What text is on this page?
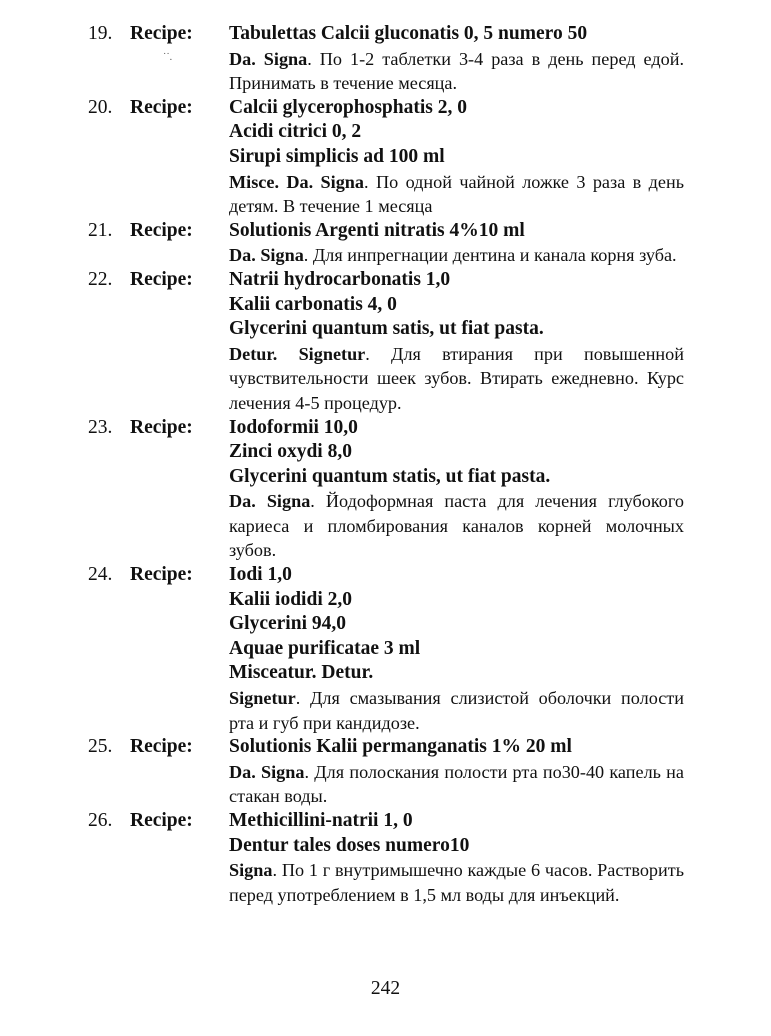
˙˙.
19. Recipe: Tabulettas Calcii gluconatis 0, 5 numero 50
Da. Signa. По 1-2 таблетки 3-4 раза в день перед едой. Принимать в течение месяца.
20. Recipe: Calcii glycerophosphatis 2, 0
Acidi citrici 0, 2
Sirupi simplicis ad 100 ml
Misce. Da. Signa. По одной чайной ложке 3 раза в день детям. В течение 1 месяца
21. Recipe: Solutionis Argenti nitratis 4%10 ml
Da. Signa. Для инпрегнации дентина и канала корня зуба.
22. Recipe: Natrii hydrocarbonatis 1,0
Kalii carbonatis 4, 0
Glycerini quantum satis, ut fiat pasta.
Detur. Signetur. Для втирания при повышенной чувствительности шеек зубов. Втирать ежедневно. Курс лечения 4-5 процедур.
23. Recipe: Iodoformii 10,0
Zinci oxydi 8,0
Glycerini quantum statis, ut fiat pasta.
Da. Signa. Йодоформная паста для лечения глубокого кариеса и пломбирования каналов корней молочных зубов.
24. Recipe: Iodi 1,0
Kalii iodidi 2,0
Glycerini 94,0
Aquae purificatae 3 ml
Misceatur. Detur.
Signetur. Для смазывания слизистой оболочки полости рта и губ при кандидозе.
25. Recipe: Solutionis Kalii permanganatis 1% 20 ml
Da. Signa. Для полоскания полости рта по30-40 капель на стакан воды.
26. Recipe: Methicillini-natrii 1, 0
Dentur tales doses numero10
Signa. По 1 г внутримышечно каждые 6 часов. Растворить перед употреблением в 1,5 мл воды для инъекций.
242
